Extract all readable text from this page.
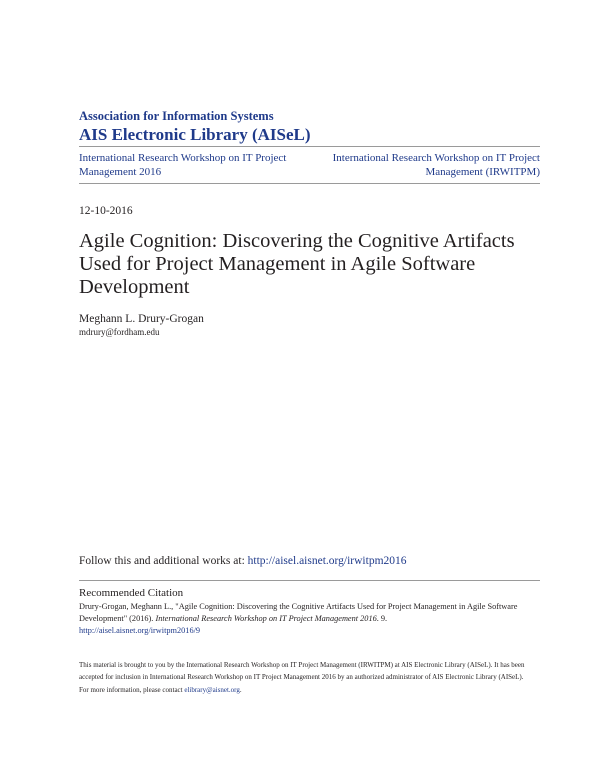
Association for Information Systems
AIS Electronic Library (AISeL)
International Research Workshop on IT Project Management 2016
International Research Workshop on IT Project Management (IRWITPM)
12-10-2016
Agile Cognition: Discovering the Cognitive Artifacts Used for Project Management in Agile Software Development
Meghann L. Drury-Grogan
mdrury@fordham.edu
Follow this and additional works at: http://aisel.aisnet.org/irwitpm2016
Recommended Citation
Drury-Grogan, Meghann L., "Agile Cognition: Discovering the Cognitive Artifacts Used for Project Management in Agile Software Development" (2016). International Research Workshop on IT Project Management 2016. 9.
http://aisel.aisnet.org/irwitpm2016/9
This material is brought to you by the International Research Workshop on IT Project Management (IRWITPM) at AIS Electronic Library (AISeL). It has been accepted for inclusion in International Research Workshop on IT Project Management 2016 by an authorized administrator of AIS Electronic Library (AISeL). For more information, please contact elibrary@aisnet.org.
